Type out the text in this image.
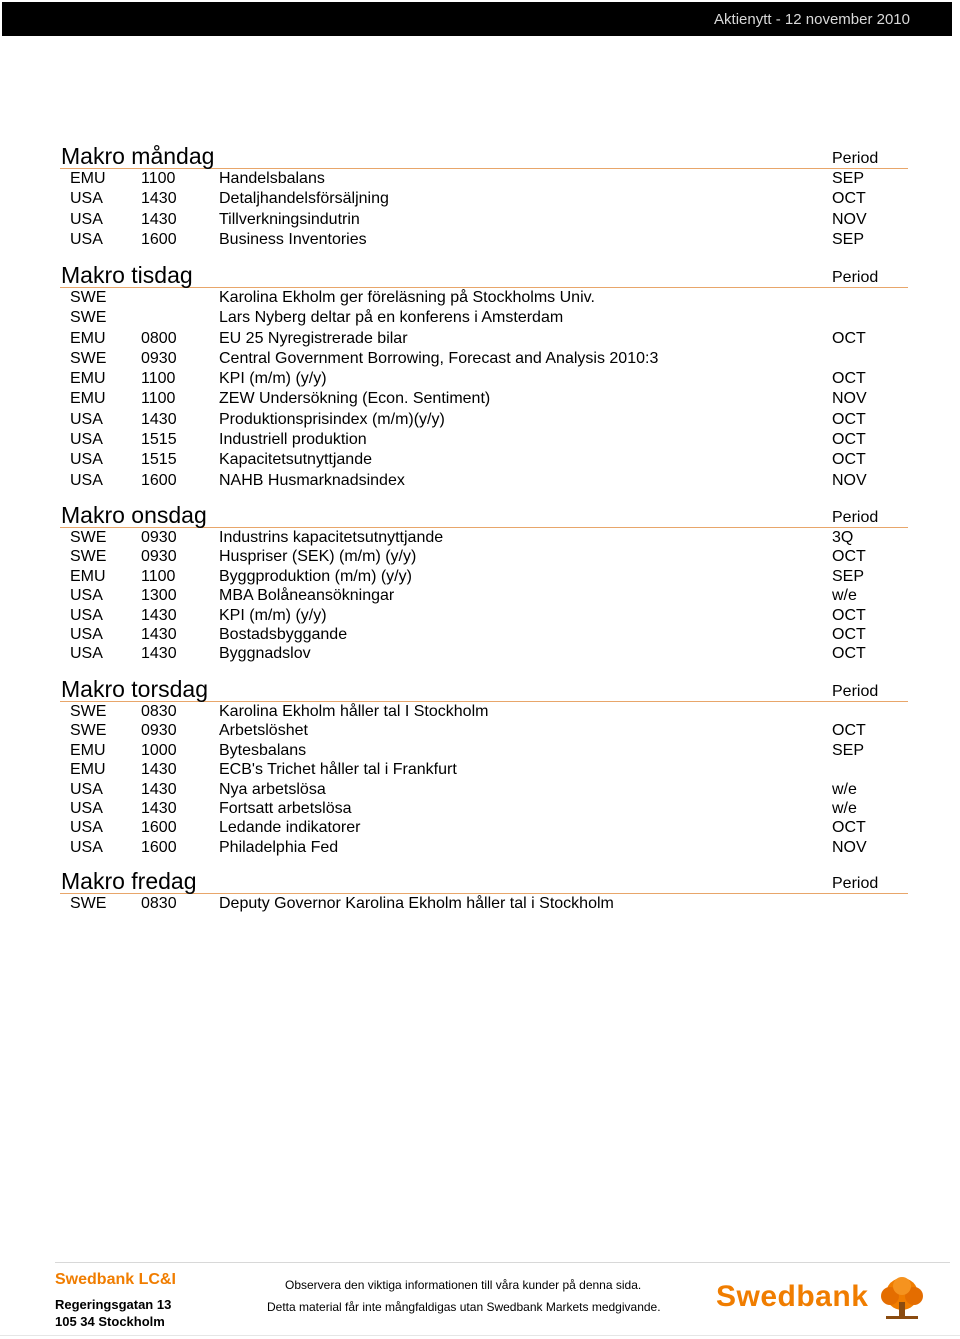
Aktienytt - 12 november 2010
Makro måndag	Period
EMU 1100	Handelsbalans	SEP
USA 1430	Detaljhandelsförsäljning	OCT
USA 1430	Tillverkningsindutrin	NOV
USA 1600	Business Inventories	SEP
Makro tisdag	Period
SWE	Karolina Ekholm ger föreläsning på Stockholms Univ.
SWE	Lars Nyberg deltar på en konferens i Amsterdam
EMU 0800	EU 25 Nyregistrerade bilar	OCT
SWE 0930	Central Government Borrowing, Forecast and Analysis 2010:3
EMU 1100	KPI (m/m) (y/y)	OCT
EMU 1100	ZEW Undersökning (Econ. Sentiment)	NOV
USA 1430	Produktionsprisindex (m/m)(y/y)	OCT
USA 1515	Industriell produktion	OCT
USA 1515	Kapacitetsutnyttjande	OCT
USA 1600	NAHB Husmarknadsindex	NOV
Makro onsdag	Period
SWE 0930	Industrins kapacitetsutnyttjande	3Q
SWE 0930	Huspriser (SEK) (m/m) (y/y)	OCT
EMU 1100	Byggproduktion (m/m) (y/y)	SEP
USA 1300	MBA Bolåneansökningar	w/e
USA 1430	KPI (m/m) (y/y)	OCT
USA 1430	Bostadsbyggande	OCT
USA 1430	Byggnadslov	OCT
Makro torsdag	Period
SWE 0830	Karolina Ekholm håller tal I Stockholm
SWE 0930	Arbetslöshet	OCT
EMU 1000	Bytesbalans	SEP
EMU 1430	ECB's Trichet håller tal i Frankfurt
USA 1430	Nya arbetslösa	w/e
USA 1430	Fortsatt arbetslösa	w/e
USA 1600	Ledande indikatorer	OCT
USA 1600	Philadelphia Fed	NOV
Makro fredag	Period
SWE 0830	Deputy Governor Karolina Ekholm håller tal i Stockholm
Swedbank LC&I
Regeringsgatan 13
105 34 Stockholm
Observera den viktiga informationen till våra kunder på denna sida.
Detta material får inte mångfaldigas utan Swedbank Markets medgivande. Swedbank
